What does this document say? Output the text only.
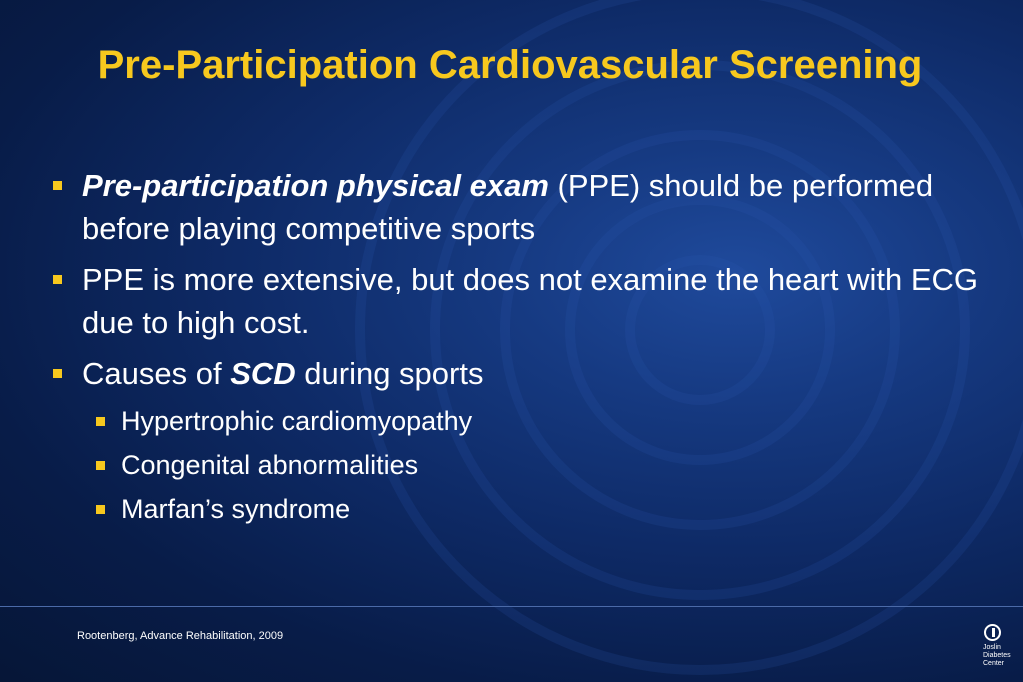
Pre-Participation Cardiovascular Screening
Pre-participation physical exam (PPE) should be performed before playing competitive sports
PPE is more extensive, but does not examine the heart with ECG due to high cost.
Causes of SCD during sports
Hypertrophic cardiomyopathy
Congenital abnormalities
Marfan’s syndrome
Rootenberg, Advance Rehabilitation, 2009
Joslin
Diabetes
Center
